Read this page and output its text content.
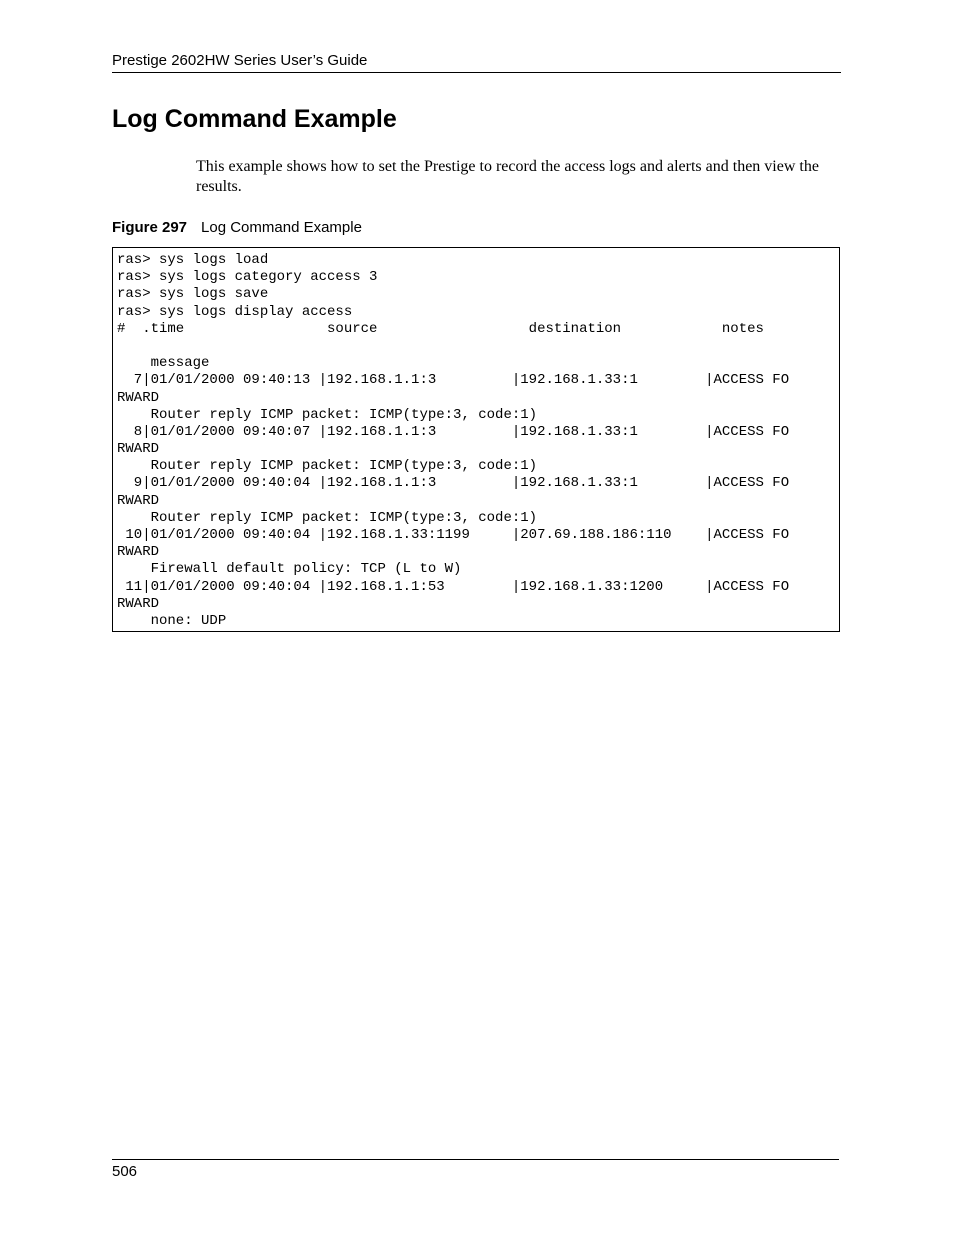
Prestige 2602HW Series User’s Guide
Log Command Example

This example shows how to set the Prestige to record the access logs and alerts and then view the results.

Figure 297 Log Command Example
ras> sys logs load
ras> sys logs category access 3
ras> sys logs save
ras> sys logs display access
#  .time                 source                  destination            notes
message
7|01/01/2000 09:40:13 |192.168.1.1:3         |192.168.1.33:1        |ACCESS FO
RWARD
Router reply ICMP packet: ICMP(type:3, code:1)
8|01/01/2000 09:40:07 |192.168.1.1:3         |192.168.1.33:1        |ACCESS FO
RWARD
Router reply ICMP packet: ICMP(type:3, code:1)
9|01/01/2000 09:40:04 |192.168.1.1:3         |192.168.1.33:1        |ACCESS FO
RWARD
Router reply ICMP packet: ICMP(type:3, code:1)
10|01/01/2000 09:40:04 |192.168.1.33:1199     |207.69.188.186:110    |ACCESS FO
RWARD
Firewall default policy: TCP (L to W)
11|01/01/2000 09:40:04 |192.168.1.1:53        |192.168.1.33:1200     |ACCESS FO
RWARD
none: UDP
506
